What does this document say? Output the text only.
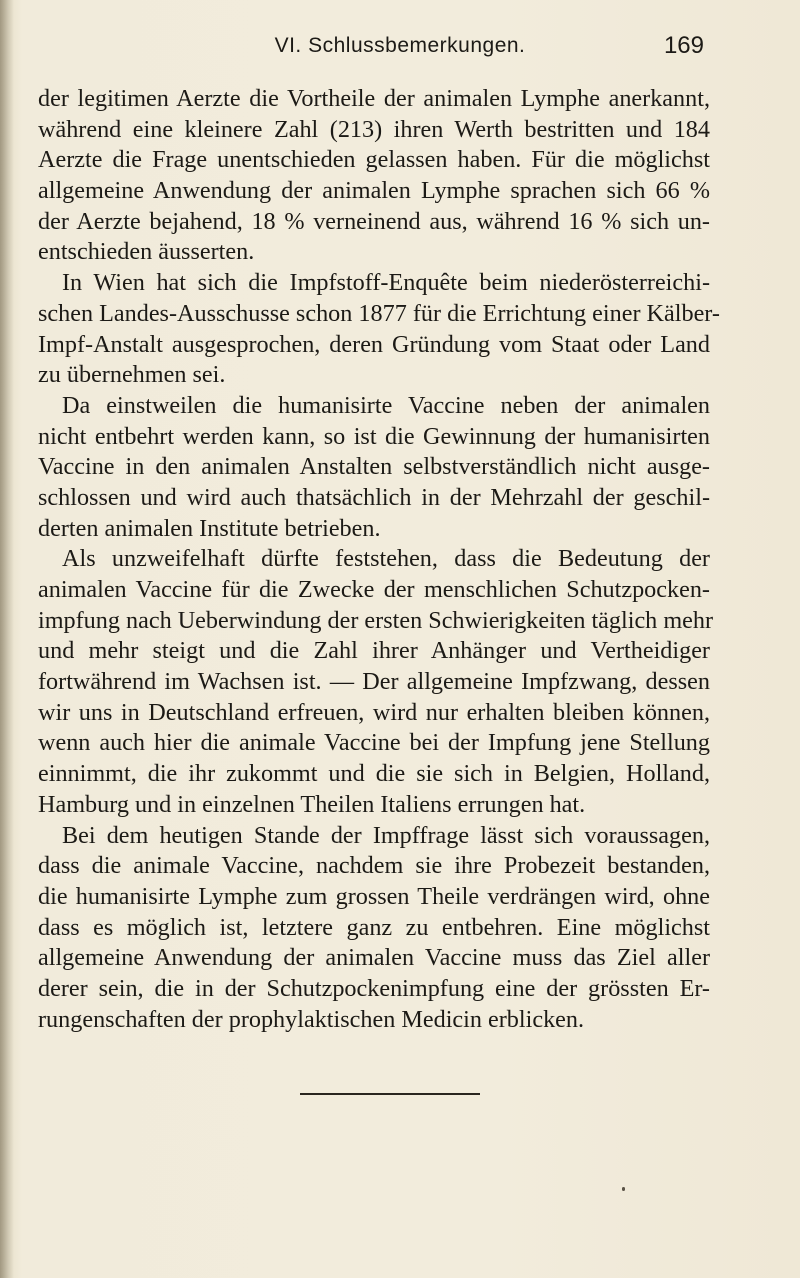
VI. Schlussbemerkungen.	169
der legitimen Aerzte die Vortheile der animalen Lymphe anerkannt,
während eine kleinere Zahl (213) ihren Werth bestritten und 184
Aerzte die Frage unentschieden gelassen haben. Für die möglichst
allgemeine Anwendung der animalen Lymphe sprachen sich 66 %
der Aerzte bejahend, 18 % verneinend aus, während 16 % sich un-
entschieden äusserten.
In Wien hat sich die Impfstoff-Enquête beim niederösterreichi-
schen Landes-Ausschusse schon 1877 für die Errichtung einer Kälber-
Impf-Anstalt ausgesprochen, deren Gründung vom Staat oder Land
zu übernehmen sei.
Da einstweilen die humanisirte Vaccine neben der animalen
nicht entbehrt werden kann, so ist die Gewinnung der humanisirten
Vaccine in den animalen Anstalten selbstverständlich nicht ausge-
schlossen und wird auch thatsächlich in der Mehrzahl der geschil-
derten animalen Institute betrieben.
Als unzweifelhaft dürfte feststehen, dass die Bedeutung der
animalen Vaccine für die Zwecke der menschlichen Schutzpocken-
impfung nach Ueberwindung der ersten Schwierigkeiten täglich mehr
und mehr steigt und die Zahl ihrer Anhänger und Vertheidiger
fortwährend im Wachsen ist. — Der allgemeine Impfzwang, dessen
wir uns in Deutschland erfreuen, wird nur erhalten bleiben können,
wenn auch hier die animale Vaccine bei der Impfung jene Stellung
einnimmt, die ihr zukommt und die sie sich in Belgien, Holland,
Hamburg und in einzelnen Theilen Italiens errungen hat.
Bei dem heutigen Stande der Impffrage lässt sich voraussagen,
dass die animale Vaccine, nachdem sie ihre Probezeit bestanden,
die humanisirte Lymphe zum grossen Theile verdrängen wird, ohne
dass es möglich ist, letztere ganz zu entbehren. Eine möglichst
allgemeine Anwendung der animalen Vaccine muss das Ziel aller
derer sein, die in der Schutzpockenimpfung eine der grössten Er-
rungenschaften der prophylaktischen Medicin erblicken.
